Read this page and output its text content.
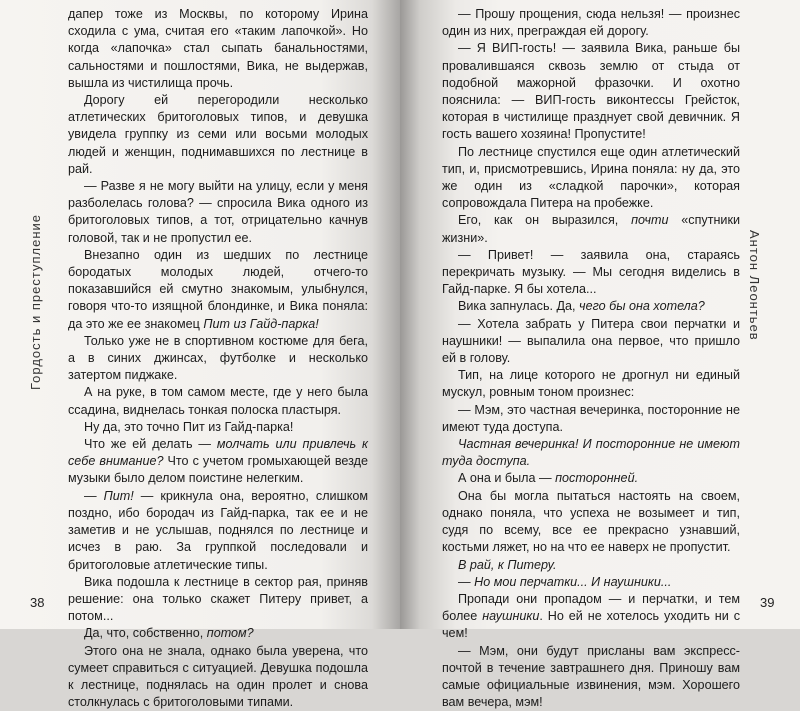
Гордость и преступление

дапер тоже из Москвы, по которому Ирина сходила с ума, считая его «таким лапочкой». Но когда «лапочка» стал сыпать банальностями, сальностями и пошлостями, Вика, не выдержав, вышла из чистилища прочь.

Дорогу ей перегородили несколько атлетических бритоголовых типов, и девушка увидела группку из семи или восьми молодых людей и женщин, поднимавшихся по лестнице в рай.

— Разве я не могу выйти на улицу, если у меня разболелась голова? — спросила Вика одного из бритоголовых типов, а тот, отрицательно качнув головой, так и не пропустил ее.

Внезапно один из шедших по лестнице бородатых молодых людей, отчего-то показавшийся ей смутно знакомым, улыбнулся, говоря что-то изящной блондинке, и Вика поняла: да это же ее знакомец Пит из Гайд-парка!

Только уже не в спортивном костюме для бега, а в синих джинсах, футболке и несколько затертом пиджаке.

А на руке, в том самом месте, где у него была ссадина, виднелась тонкая полоска пластыря.

Ну да, это точно Пит из Гайд-парка!

Что же ей делать — молчать или привлечь к себе внимание? Что с учетом громыхающей везде музыки было делом поистине нелегким.

— Пит! — крикнула она, вероятно, слишком поздно, ибо бородач из Гайд-парка, так ее и не заметив и не услышав, поднялся по лестнице и исчез в раю. За группкой последовали и бритоголовые атлетические типы.

Вика подошла к лестнице в сектор рая, приняв решение: она только скажет Питеру привет, а потом...

Да, что, собственно, потом?

Этого она не знала, однако была уверена, что сумеет справиться с ситуацией. Девушка подошла к лестнице, поднялась на один пролет и снова столкнулась с бритоголовыми типами.

38
Антон Леонтьев

— Прошу прощения, сюда нельзя! — произнес один из них, преграждая ей дорогу.

— Я ВИП-гость! — заявила Вика, раньше бы провалившаяся сквозь землю от стыда от подобной мажорной фразочки. И охотно пояснила: — ВИП-гость виконтессы Грейсток, которая в чистилище празднует свой девичник. Я гость вашего хозяина! Пропустите!

По лестнице спустился еще один атлетический тип, и, присмотревшись, Ирина поняла: ну да, это же один из «сладкой парочки», которая сопровождала Питера на пробежке.

Его, как он выразился, почти «спутники жизни».

— Привет! — заявила она, стараясь перекричать музыку. — Мы сегодня виделись в Гайд-парке. Я бы хотела...

Вика запнулась. Да, чего бы она хотела?

— Хотела забрать у Питера свои перчатки и наушники! — выпалила она первое, что пришло ей в голову.

Тип, на лице которого не дрогнул ни единый мускул, ровным тоном произнес:

— Мэм, это частная вечеринка, посторонние не имеют туда доступа.

Частная вечеринка! И посторонние не имеют туда доступа.

А она и была — посторонней.

Она бы могла пытаться настоять на своем, однако поняла, что успеха не возымеет и тип, судя по всему, все ее прекрасно узнавший, костьми ляжет, но на что ее наверх не пропустит.

В рай, к Питеру.

— Но мои перчатки... И наушники...

Пропади они пропадом — и перчатки, и тем более наушники. Но ей не хотелось уходить ни с чем!

— Мэм, они будут присланы вам экспресс-почтой в течение завтрашнего дня. Приношу вам самые официальные извинения, мэм. Хорошего вам вечера, мэм!

39
